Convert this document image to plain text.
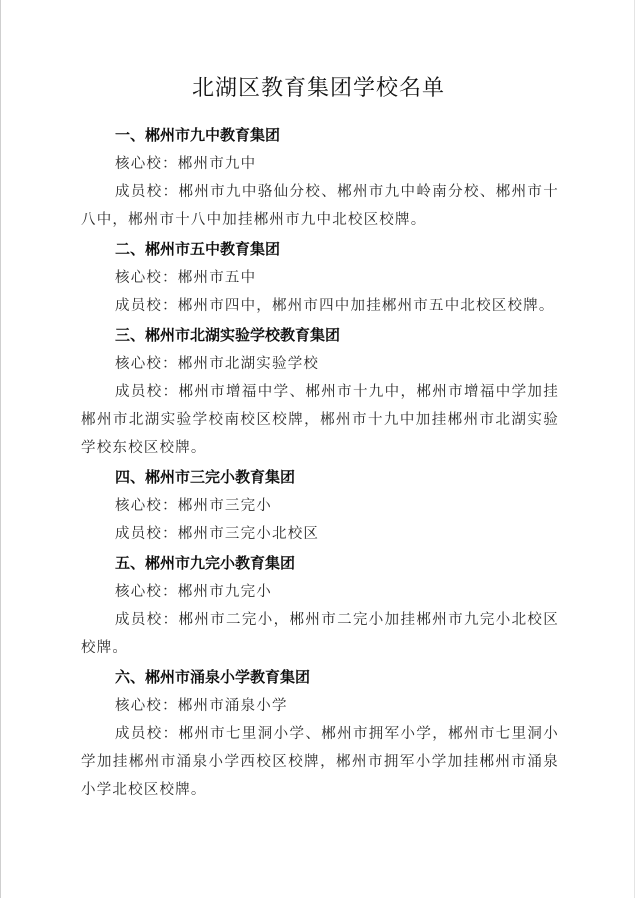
北湖区教育集团学校名单
一、郴州市九中教育集团
核心校：郴州市九中
成员校：郴州市九中骆仙分校、郴州市九中岭南分校、郴州市十八中，郴州市十八中加挂郴州市九中北校区校牌。
二、郴州市五中教育集团
核心校：郴州市五中
成员校：郴州市四中，郴州市四中加挂郴州市五中北校区校牌。
三、郴州市北湖实验学校教育集团
核心校：郴州市北湖实验学校
成员校：郴州市增福中学、郴州市十九中，郴州市增福中学加挂郴州市北湖实验学校南校区校牌，郴州市十九中加挂郴州市北湖实验学校东校区校牌。
四、郴州市三完小教育集团
核心校：郴州市三完小
成员校：郴州市三完小北校区
五、郴州市九完小教育集团
核心校：郴州市九完小
成员校：郴州市二完小，郴州市二完小加挂郴州市九完小北校区校牌。
六、郴州市涌泉小学教育集团
核心校：郴州市涌泉小学
成员校：郴州市七里洞小学、郴州市拥军小学，郴州市七里洞小学加挂郴州市涌泉小学西校区校牌，郴州市拥军小学加挂郴州市涌泉小学北校区校牌。
